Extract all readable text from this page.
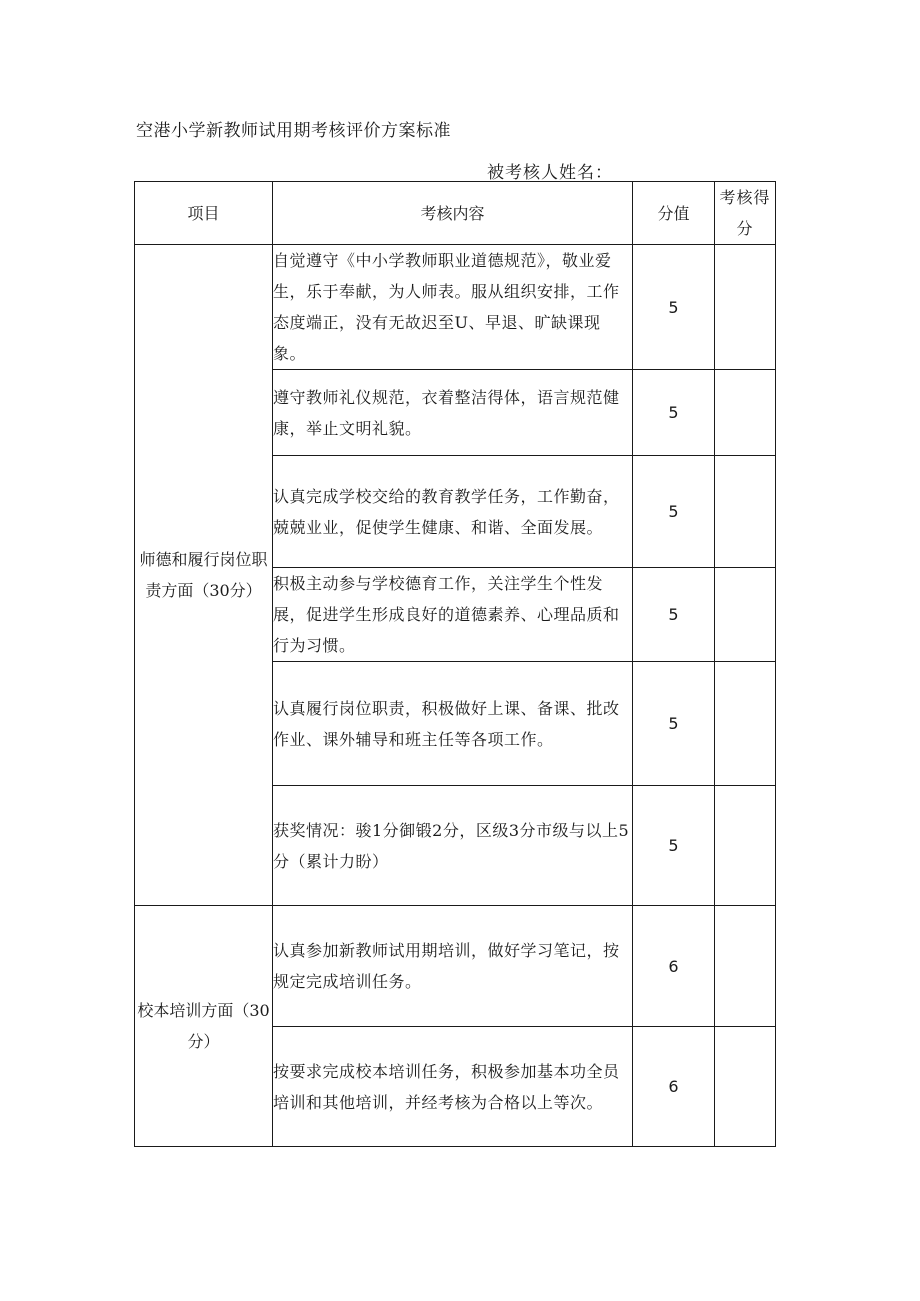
空港小学新教师试用期考核评价方案标准
被考核人姓名：
项目	考核内容	分值	考核得分
师德和履行岗位职责方面（30分）	自觉遵守《中小学教师职业道德规范》，敬业爱生，乐于奉献，为人师表。服从组织安排，工作态度端正，没有无故迟至U、早退、旷缺课现象。	5	
	遵守教师礼仪规范，衣着整洁得体，语言规范健康，举止文明礼貌。	5	
	认真完成学校交给的教育教学任务，工作勤奋，兢兢业业，促使学生健康、和谐、全面发展。	5	
	积极主动参与学校德育工作，关注学生个性发展，促进学生形成良好的道德素养、心理品质和行为习惯。	5	
	认真履行岗位职责，积极做好上课、备课、批改作业、课外辅导和班主任等各项工作。	5	
	获奖情况：骏1分御锻2分，区级3分市级与以上5分（累计力盼）	5	
校本培训方面（30分）	认真参加新教师试用期培训，做好学习笔记，按规定完成培训任务。	6	
	按要求完成校本培训任务，积极参加基本功全员培训和其他培训，并经考核为合格以上等次。	6	
